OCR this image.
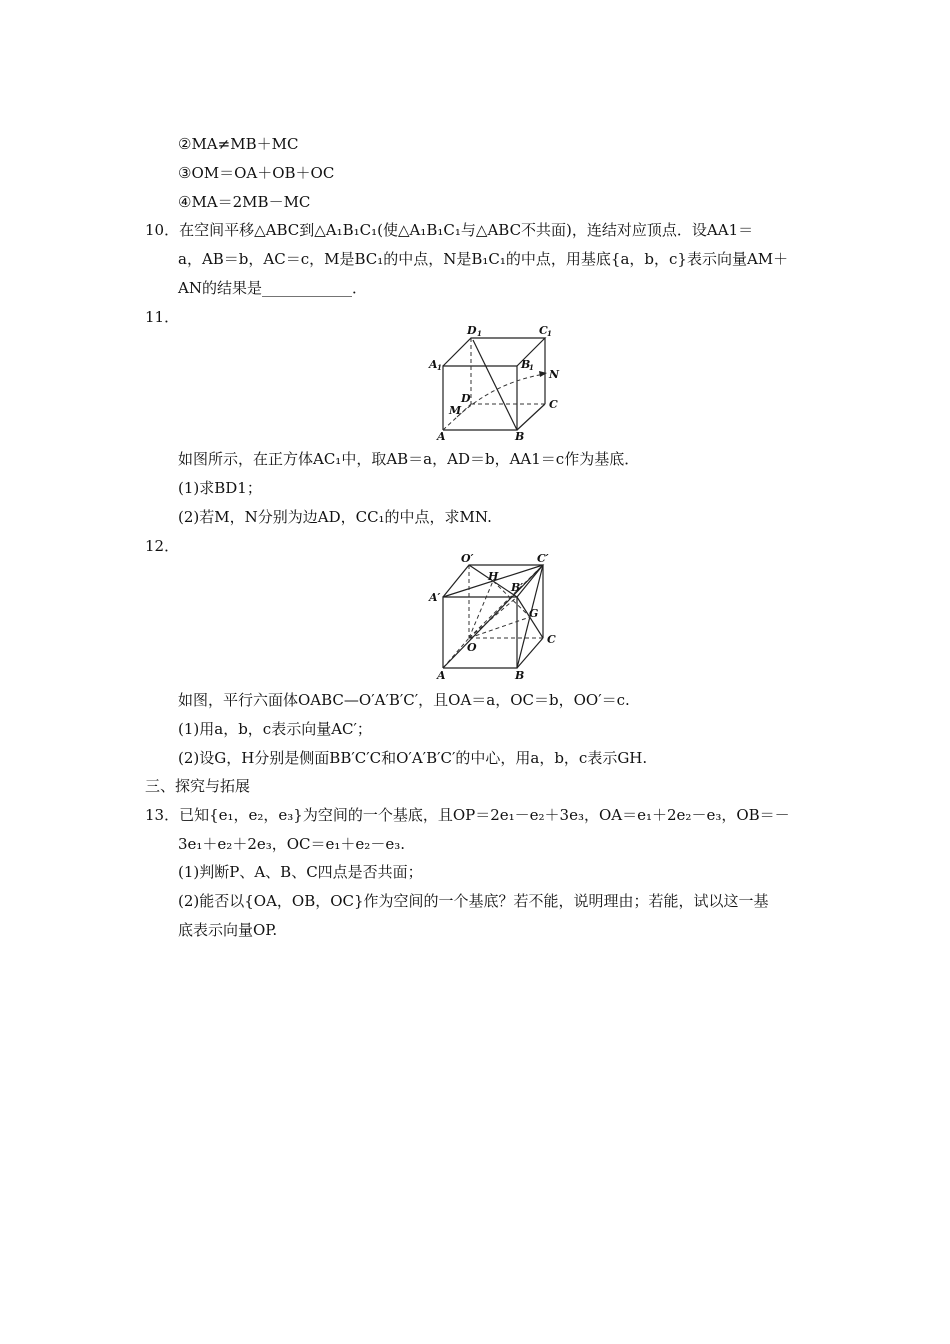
②MA≠MB＋MC
③OM＝OA＋OB＋OC
④MA＝2MB－MC
10．在空间平移△ABC到△A₁B₁C₁(使△A₁B₁C₁与△ABC不共面)，连结对应顶点．设AA1＝
a，AB＝b，AC＝c，M是BC₁的中点，N是B₁C₁的中点，用基底{a，b，c}表示向量AM＋
AN的结果是____________．
11．
D 1	C 1
A 1	B
1
N
D	C
M
A	B
如图所示，在正方体AC₁中，取AB＝a，AD＝b，AA1＝c作为基底．
(1)求BD1；
(2)若M，N分别为边AD，CC₁的中点，求MN.
12．
O′	C′
H
B′
A′
G
C
O
A	B
如图，平行六面体OABC—O′A′B′C′，且OA＝a，OC＝b，OO′＝c.
(1)用a，b，c表示向量AC′；
(2)设G，H分别是侧面BB′C′C和O′A′B′C′的中心，用a，b，c表示GH.
三、探究与拓展
13．已知{e₁，e₂，e₃}为空间的一个基底，且OP＝2e₁－e₂＋3e₃，OA＝e₁＋2e₂－e₃，OB＝－
3e₁＋e₂＋2e₃，OC＝e₁＋e₂－e₃.
(1)判断P、A、B、C四点是否共面；
(2)能否以{OA，OB，OC}作为空间的一个基底？若不能，说明理由；若能，试以这一基
底表示向量OP.
